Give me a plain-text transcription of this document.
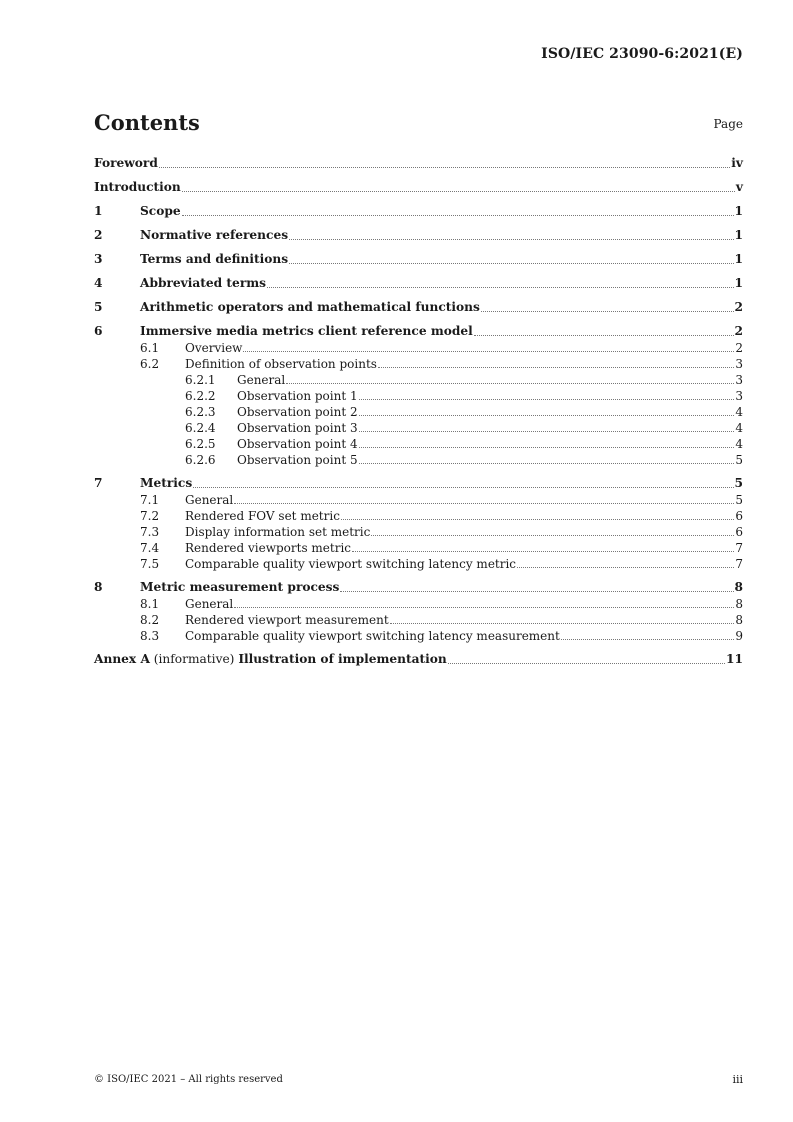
ISO/IEC 23090-6:2021(E)
Contents	Page
Foreword	iv
Introduction	v
1	Scope	1
2	Normative references	1
3	Terms and definitions	1
4	Abbreviated terms	1
5	Arithmetic operators and mathematical functions	2
6	Immersive media metrics client reference model	2
6.1 Overview	2
6.2 Definition of observation points	3
6.2.1 General	3
6.2.2 Observation point 1	3
6.2.3 Observation point 2	4
6.2.4 Observation point 3	4
6.2.5 Observation point 4	4
6.2.6 Observation point 5	5
7	Metrics	5
7.1 General	5
7.2 Rendered FOV set metric	6
7.3 Display information set metric	6
7.4 Rendered viewports metric	7
7.5 Comparable quality viewport switching latency metric	7
8	Metric measurement process	8
8.1 General	8
8.2 Rendered viewport measurement	8
8.3 Comparable quality viewport switching latency measurement	9
Annex A (informative) Illustration of implementation	11
© ISO/IEC 2021 – All rights reserved	iii
